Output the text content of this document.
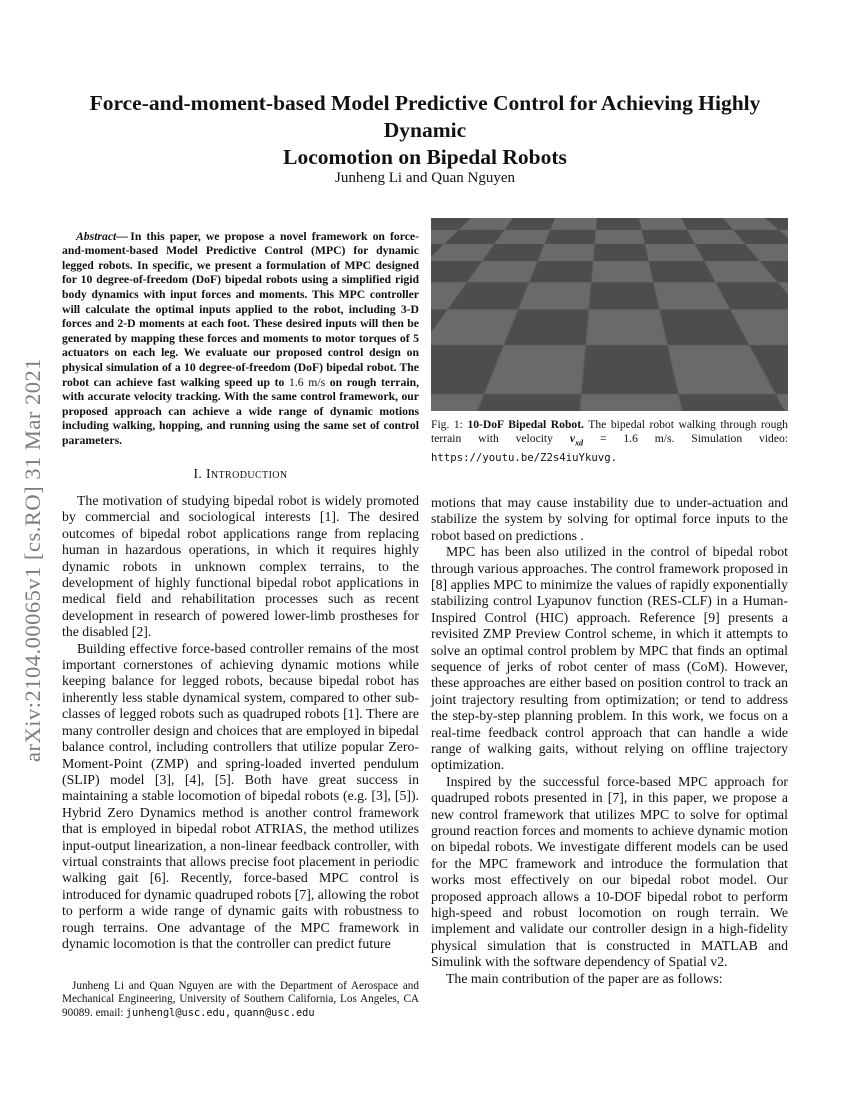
arXiv:2104.00065v1 [cs.RO] 31 Mar 2021
Force-and-moment-based Model Predictive Control for Achieving Highly Dynamic
Locomotion on Bipedal Robots
Junheng Li and Quan Nguyen

Abstract— In this paper, we propose a novel framework on force-and-moment-based Model Predictive Control (MPC) for dynamic legged robots. In specific, we present a formulation of MPC designed for 10 degree-of-freedom (DoF) bipedal robots using a simplified rigid body dynamics with input forces and moments. This MPC controller will calculate the optimal inputs applied to the robot, including 3-D forces and 2-D moments at each foot. These desired inputs will then be generated by mapping these forces and moments to motor torques of 5 actuators on each leg. We evaluate our proposed control design on physical simulation of a 10 degree-of-freedom (DoF) bipedal robot. The robot can achieve fast walking speed up to 1.6 m/s on rough terrain, with accurate velocity tracking. With the same control framework, our proposed approach can achieve a wide range of dynamic motions including walking, hopping, and running using the same set of control parameters.

I. Introduction

The motivation of studying bipedal robot is widely promoted by commercial and sociological interests [1]. The desired outcomes of bipedal robot applications range from replacing human in hazardous operations, in which it requires highly dynamic robots in unknown complex terrains, to the development of highly functional bipedal robot applications in medical field and rehabilitation processes such as recent development in research of powered lower-limb prostheses for the disabled [2].

Building effective force-based controller remains of the most important cornerstones of achieving dynamic motions while keeping balance for legged robots, because bipedal robot has inherently less stable dynamical system, compared to other sub-classes of legged robots such as quadruped robots [1]. There are many controller design and choices that are employed in bipedal balance control, including controllers that utilize popular Zero-Moment-Point (ZMP) and spring-loaded inverted pendulum (SLIP) model [3], [4], [5]. Both have great success in maintaining a stable locomotion of bipedal robots (e.g. [3], [5]). Hybrid Zero Dynamics method is another control framework that is employed in bipedal robot ATRIAS, the method utilizes input-output linearization, a non-linear feedback controller, with virtual constraints that allows precise foot placement in periodic walking gait [6]. Recently, force-based MPC control is introduced for dynamic quadruped robots [7], allowing the robot to perform a wide range of dynamic gaits with robustness to rough terrains. One advantage of the MPC framework in dynamic locomotion is that the controller can predict future

Junheng Li and Quan Nguyen are with the Department of Aerospace and Mechanical Engineering, University of Southern California, Los Angeles, CA 90089. email: junhengl@usc.edu, quann@usc.edu
Fig. 1: 10-DoF Bipedal Robot. The bipedal robot walking through rough terrain with velocity $v_{xd} = 1.6$ m/s. Simulation video: https://youtu.be/Z2s4iuYkuvg.

motions that may cause instability due to under-actuation and stabilize the system by solving for optimal force inputs to the robot based on predictions .

MPC has been also utilized in the control of bipedal robot through various approaches. The control framework proposed in [8] applies MPC to minimize the values of rapidly exponentially stabilizing control Lyapunov function (RES-CLF) in a Human-Inspired Control (HIC) approach. Reference [9] presents a revisited ZMP Preview Control scheme, in which it attempts to solve an optimal control problem by MPC that finds an optimal sequence of jerks of robot center of mass (CoM). However, these approaches are either based on position control to track an joint trajectory resulting from optimization; or tend to address the step-by-step planning problem. In this work, we focus on a real-time feedback control approach that can handle a wide range of walking gaits, without relying on offline trajectory optimization.

Inspired by the successful force-based MPC approach for quadruped robots presented in [7], in this paper, we propose a new control framework that utilizes MPC to solve for optimal ground reaction forces and moments to achieve dynamic motion on bipedal robots. We investigate different models can be used for the MPC framework and introduce the formulation that works most effectively on our bipedal robot model. Our proposed approach allows a 10-DOF bipedal robot to perform high-speed and robust locomotion on rough terrain. We implement and validate our controller design in a high-fidelity physical simulation that is constructed in MATLAB and Simulink with the software dependency of Spatial v2.

The main contribution of the paper are as follows:
